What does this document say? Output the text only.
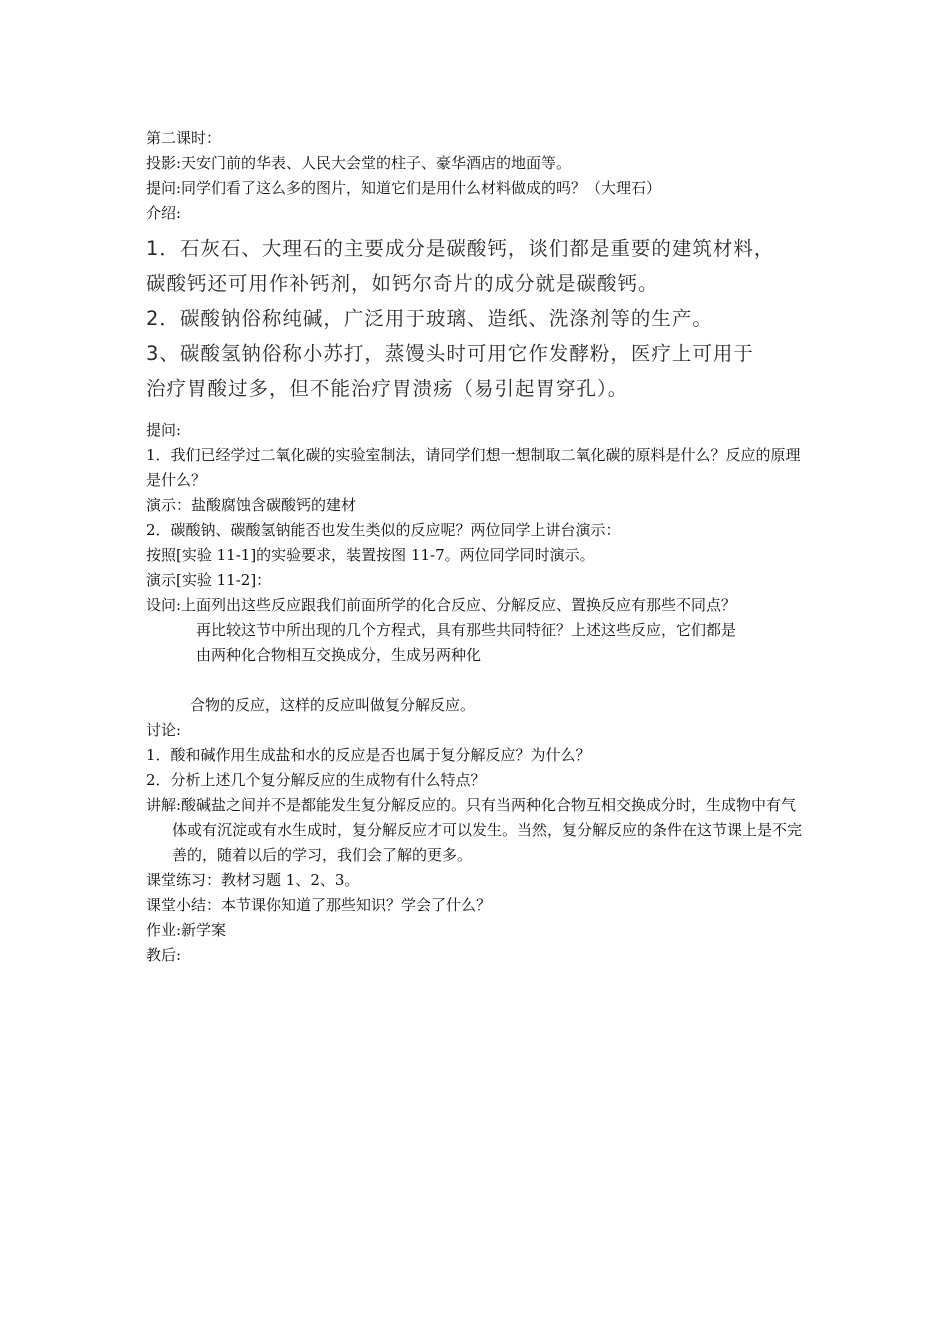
第二课时：
投影:天安门前的华表、人民大会堂的柱子、豪华酒店的地面等。
提问:同学们看了这么多的图片，知道它们是用什么材料做成的吗？（大理石）
介绍:
1．石灰石、大理石的主要成分是碳酸钙，谈们都是重要的建筑材料，
碳酸钙还可用作补钙剂，如钙尔奇片的成分就是碳酸钙。
2．碳酸钠俗称纯碱，广泛用于玻璃、造纸、洗涤剂等的生产。
3、碳酸氢钠俗称小苏打，蒸馒头时可用它作发酵粉，医疗上可用于
治疗胃酸过多，但不能治疗胃溃疡（易引起胃穿孔）。
提问:
1．我们已经学过二氧化碳的实验室制法，请同学们想一想制取二氧化碳的原料是什么？反应的原理是什么？
演示：盐酸腐蚀含碳酸钙的建材
2．碳酸钠、碳酸氢钠能否也发生类似的反应呢？两位同学上讲台演示：
按照[实验 11-1]的实验要求，装置按图 11-7。两位同学同时演示。
演示[实验 11-2]：
设问:上面列出这些反应跟我们前面所学的化合反应、分解反应、置换反应有那些不同点？
再比较这节中所出现的几个方程式，具有那些共同特征？上述这些反应，它们都是
由两种化合物相互交换成分，生成另两种化
合物的反应，这样的反应叫做复分解反应。
讨论:
1．酸和碱作用生成盐和水的反应是否也属于复分解反应？为什么？
2．分析上述几个复分解反应的生成物有什么特点？
讲解:酸碱盐之间并不是都能发生复分解反应的。只有当两种化合物互相交换成分时，生成物中有气体或有沉淀或有水生成时，复分解反应才可以发生。当然，复分解反应的条件在这节课上是不完善的，随着以后的学习，我们会了解的更多。
课堂练习：教材习题 1、2、3。
课堂小结：本节课你知道了那些知识？学会了什么？
作业:新学案
教后:
